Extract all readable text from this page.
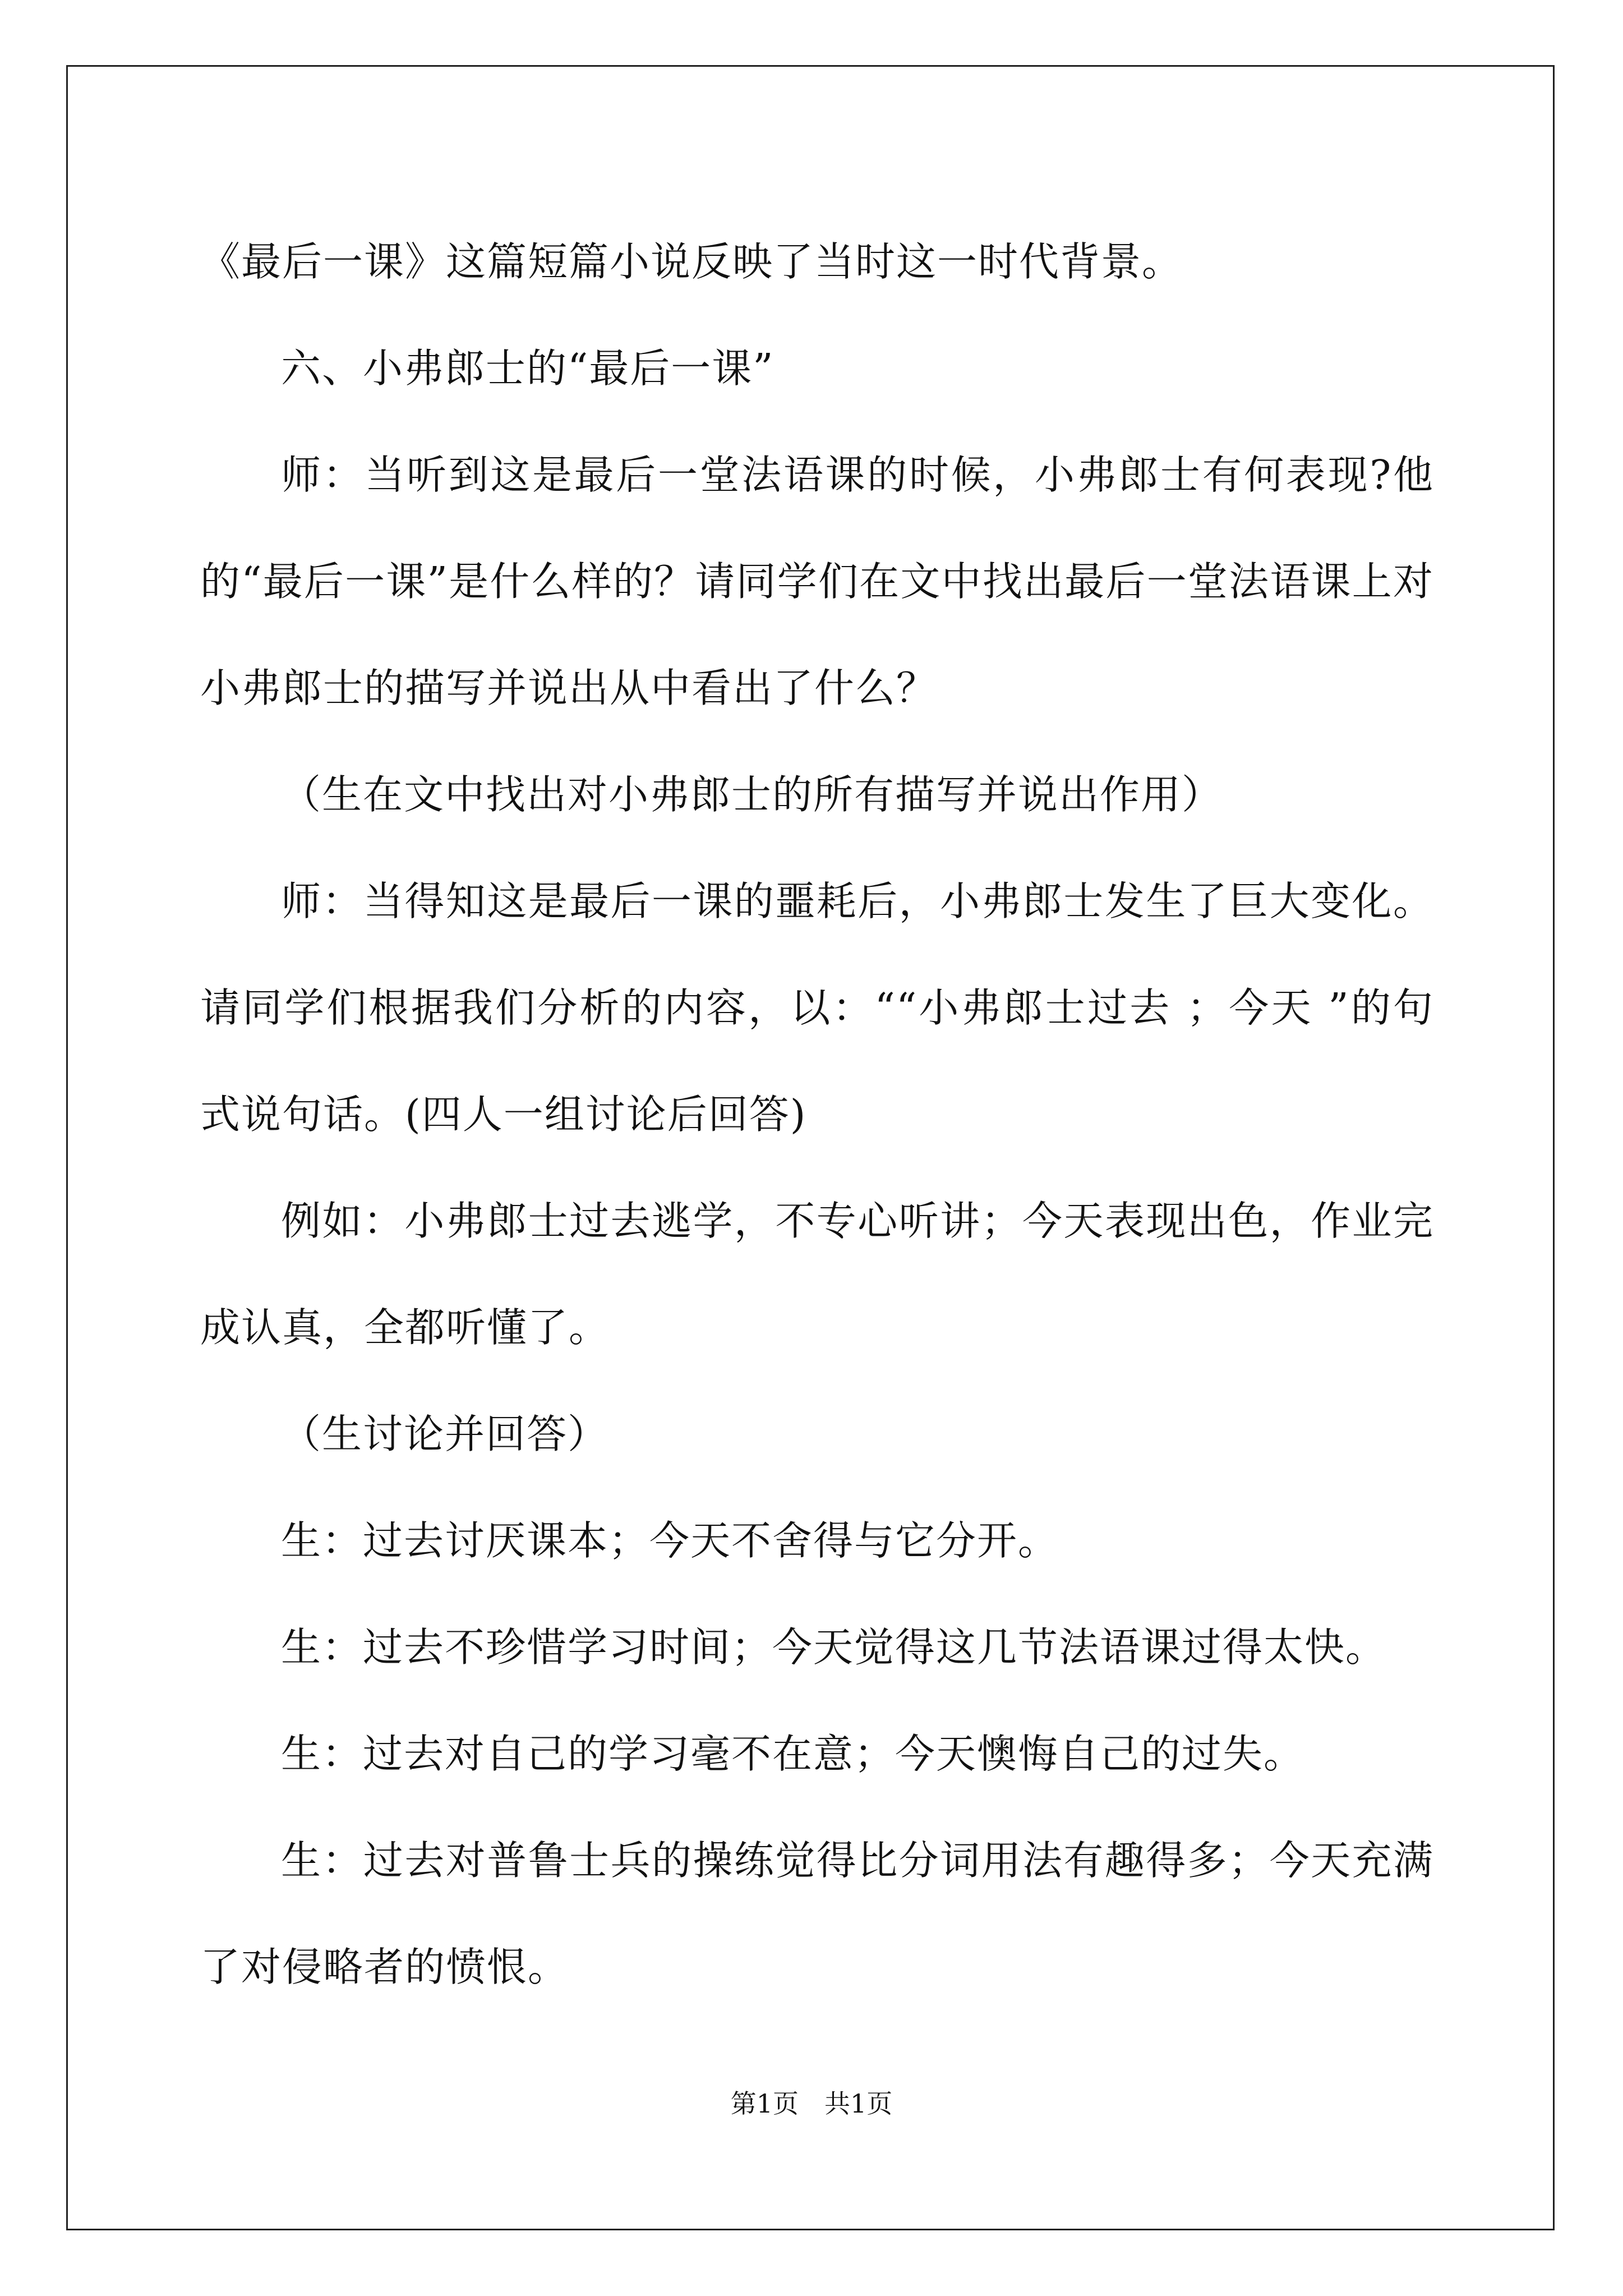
《最后一课》这篇短篇小说反映了当时这一时代背景。

六、小弗郎士的“最后一课”

师：当听到这是最后一堂法语课的时候，小弗郎士有何表现?他的“最后一课”是什么样的？请同学们在文中找出最后一堂法语课上对小弗郎士的描写并说出从中看出了什么？

（生在文中找出对小弗郎士的所有描写并说出作用）

师：当得知这是最后一课的噩耗后，小弗郎士发生了巨大变化。请同学们根据我们分析的内容，以：““小弗郎士过去 ；今天 ”的句式说句话。(四人一组讨论后回答)

例如：小弗郎士过去逃学，不专心听讲；今天表现出色，作业完成认真，全都听懂了。

（生讨论并回答）

生：过去讨厌课本；今天不舍得与它分开。

生：过去不珍惜学习时间；今天觉得这几节法语课过得太快。

生：过去对自己的学习毫不在意；今天懊悔自己的过失。

生：过去对普鲁士兵的操练觉得比分词用法有趣得多；今天充满了对侵略者的愤恨。

第1页　共1页
